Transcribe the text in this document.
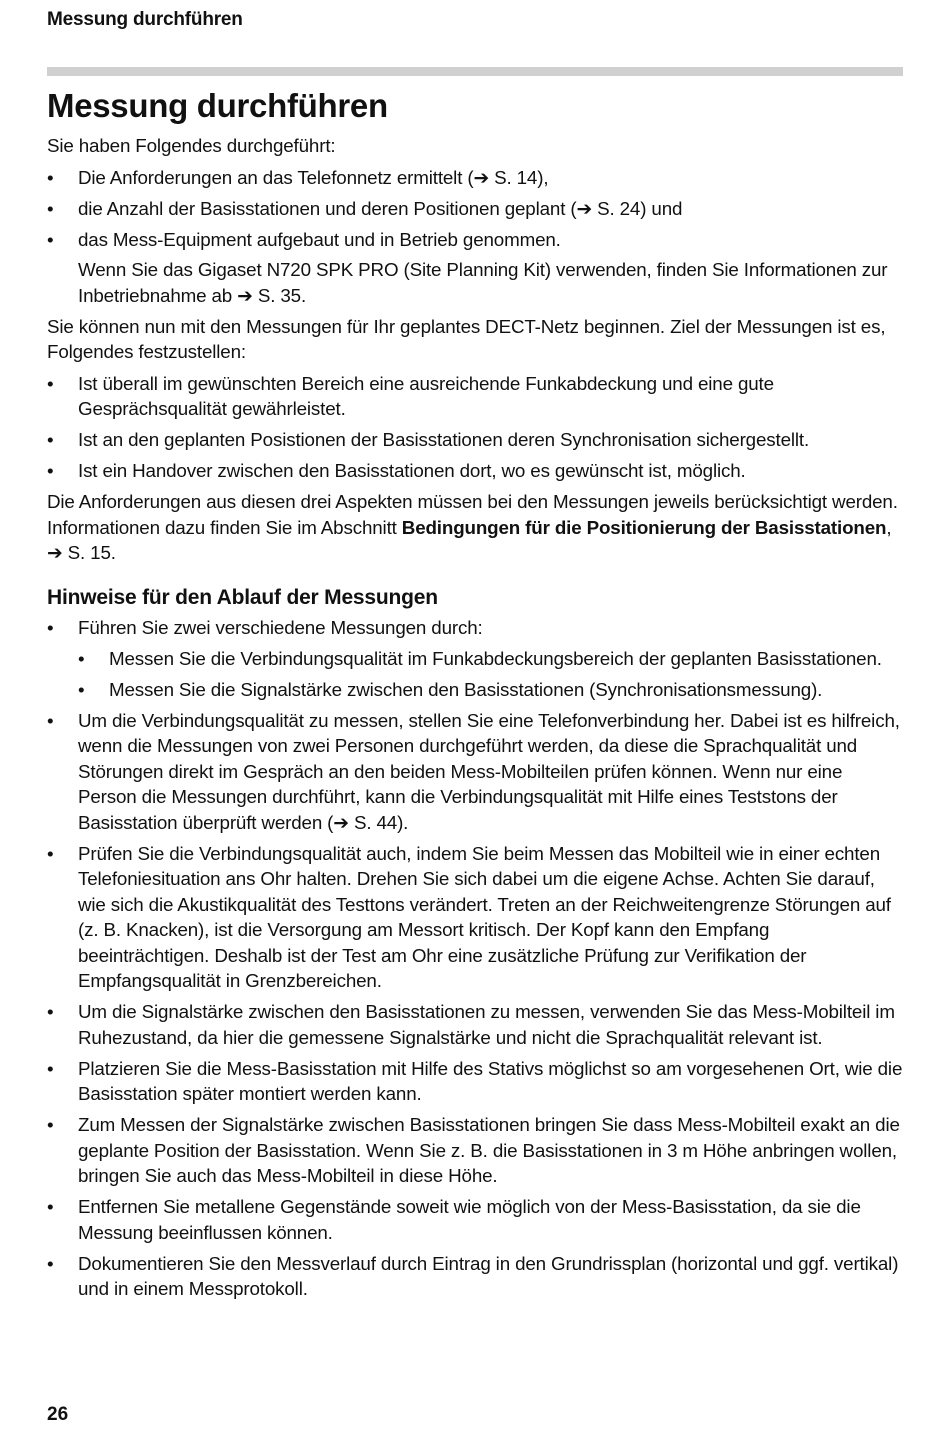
Messung durchführen
Messung durchführen

Sie haben Folgendes durchgeführt:

• Die Anforderungen an das Telefonnetz ermittelt (➔ S. 14),
• die Anzahl der Basisstationen und deren Positionen geplant (➔ S. 24) und
• das Mess-Equipment aufgebaut und in Betrieb genommen.
Wenn Sie das Gigaset N720 SPK PRO (Site Planning Kit) verwenden, finden Sie Informationen zur Inbetriebnahme ab ➔ S. 35.

Sie können nun mit den Messungen für Ihr geplantes DECT-Netz beginnen. Ziel der Messungen ist es, Folgendes festzustellen:

• Ist überall im gewünschten Bereich eine ausreichende Funkabdeckung und eine gute Gesprächsqualität gewährleistet.
• Ist an den geplanten Posistionen der Basisstationen deren Synchronisation sichergestellt.
• Ist ein Handover zwischen den Basisstationen dort, wo es gewünscht ist, möglich.

Die Anforderungen aus diesen drei Aspekten müssen bei den Messungen jeweils berücksichtigt werden. Informationen dazu finden Sie im Abschnitt Bedingungen für die Positionierung der Basisstationen, ➔ S. 15.

Hinweise für den Ablauf der Messungen
• Führen Sie zwei verschiedene Messungen durch:
• Messen Sie die Verbindungsqualität im Funkabdeckungsbereich der geplanten Basisstationen.
• Messen Sie die Signalstärke zwischen den Basisstationen (Synchronisationsmessung).
• Um die Verbindungsqualität zu messen, stellen Sie eine Telefonverbindung her. Dabei ist es hilfreich, wenn die Messungen von zwei Personen durchgeführt werden, da diese die Sprachqualität und Störungen direkt im Gespräch an den beiden Mess-Mobilteilen prüfen können. Wenn nur eine Person die Messungen durchführt, kann die Verbindungsqualität mit Hilfe eines Teststons der Basisstation überprüft werden (➔ S. 44).
• Prüfen Sie die Verbindungsqualität auch, indem Sie beim Messen das Mobilteil wie in einer echten Telefoniesituation ans Ohr halten. Drehen Sie sich dabei um die eigene Achse. Achten Sie darauf, wie sich die Akustikqualität des Testtons verändert. Treten an der Reichweitengrenze Störungen auf (z. B. Knacken), ist die Versorgung am Messort kritisch. Der Kopf kann den Empfang beeinträchtigen. Deshalb ist der Test am Ohr eine zusätzliche Prüfung zur Verifikation der Empfangsqualität in Grenzbereichen.
• Um die Signalstärke zwischen den Basisstationen zu messen, verwenden Sie das Mess-Mobilteil im Ruhezustand, da hier die gemessene Signalstärke und nicht die Sprachqualität relevant ist.
• Platzieren Sie die Mess-Basisstation mit Hilfe des Stativs möglichst so am vorgesehenen Ort, wie die Basisstation später montiert werden kann.
• Zum Messen der Signalstärke zwischen Basisstationen bringen Sie dass Mess-Mobilteil exakt an die geplante Position der Basisstation. Wenn Sie z. B. die Basisstationen in 3 m Höhe anbringen wollen, bringen Sie auch das Mess-Mobilteil in diese Höhe.
• Entfernen Sie metallene Gegenstände soweit wie möglich von der Mess-Basisstation, da sie die Messung beeinflussen können.
• Dokumentieren Sie den Messverlauf durch Eintrag in den Grundrissplan (horizontal und ggf. vertikal) und in einem Messprotokoll.
26
